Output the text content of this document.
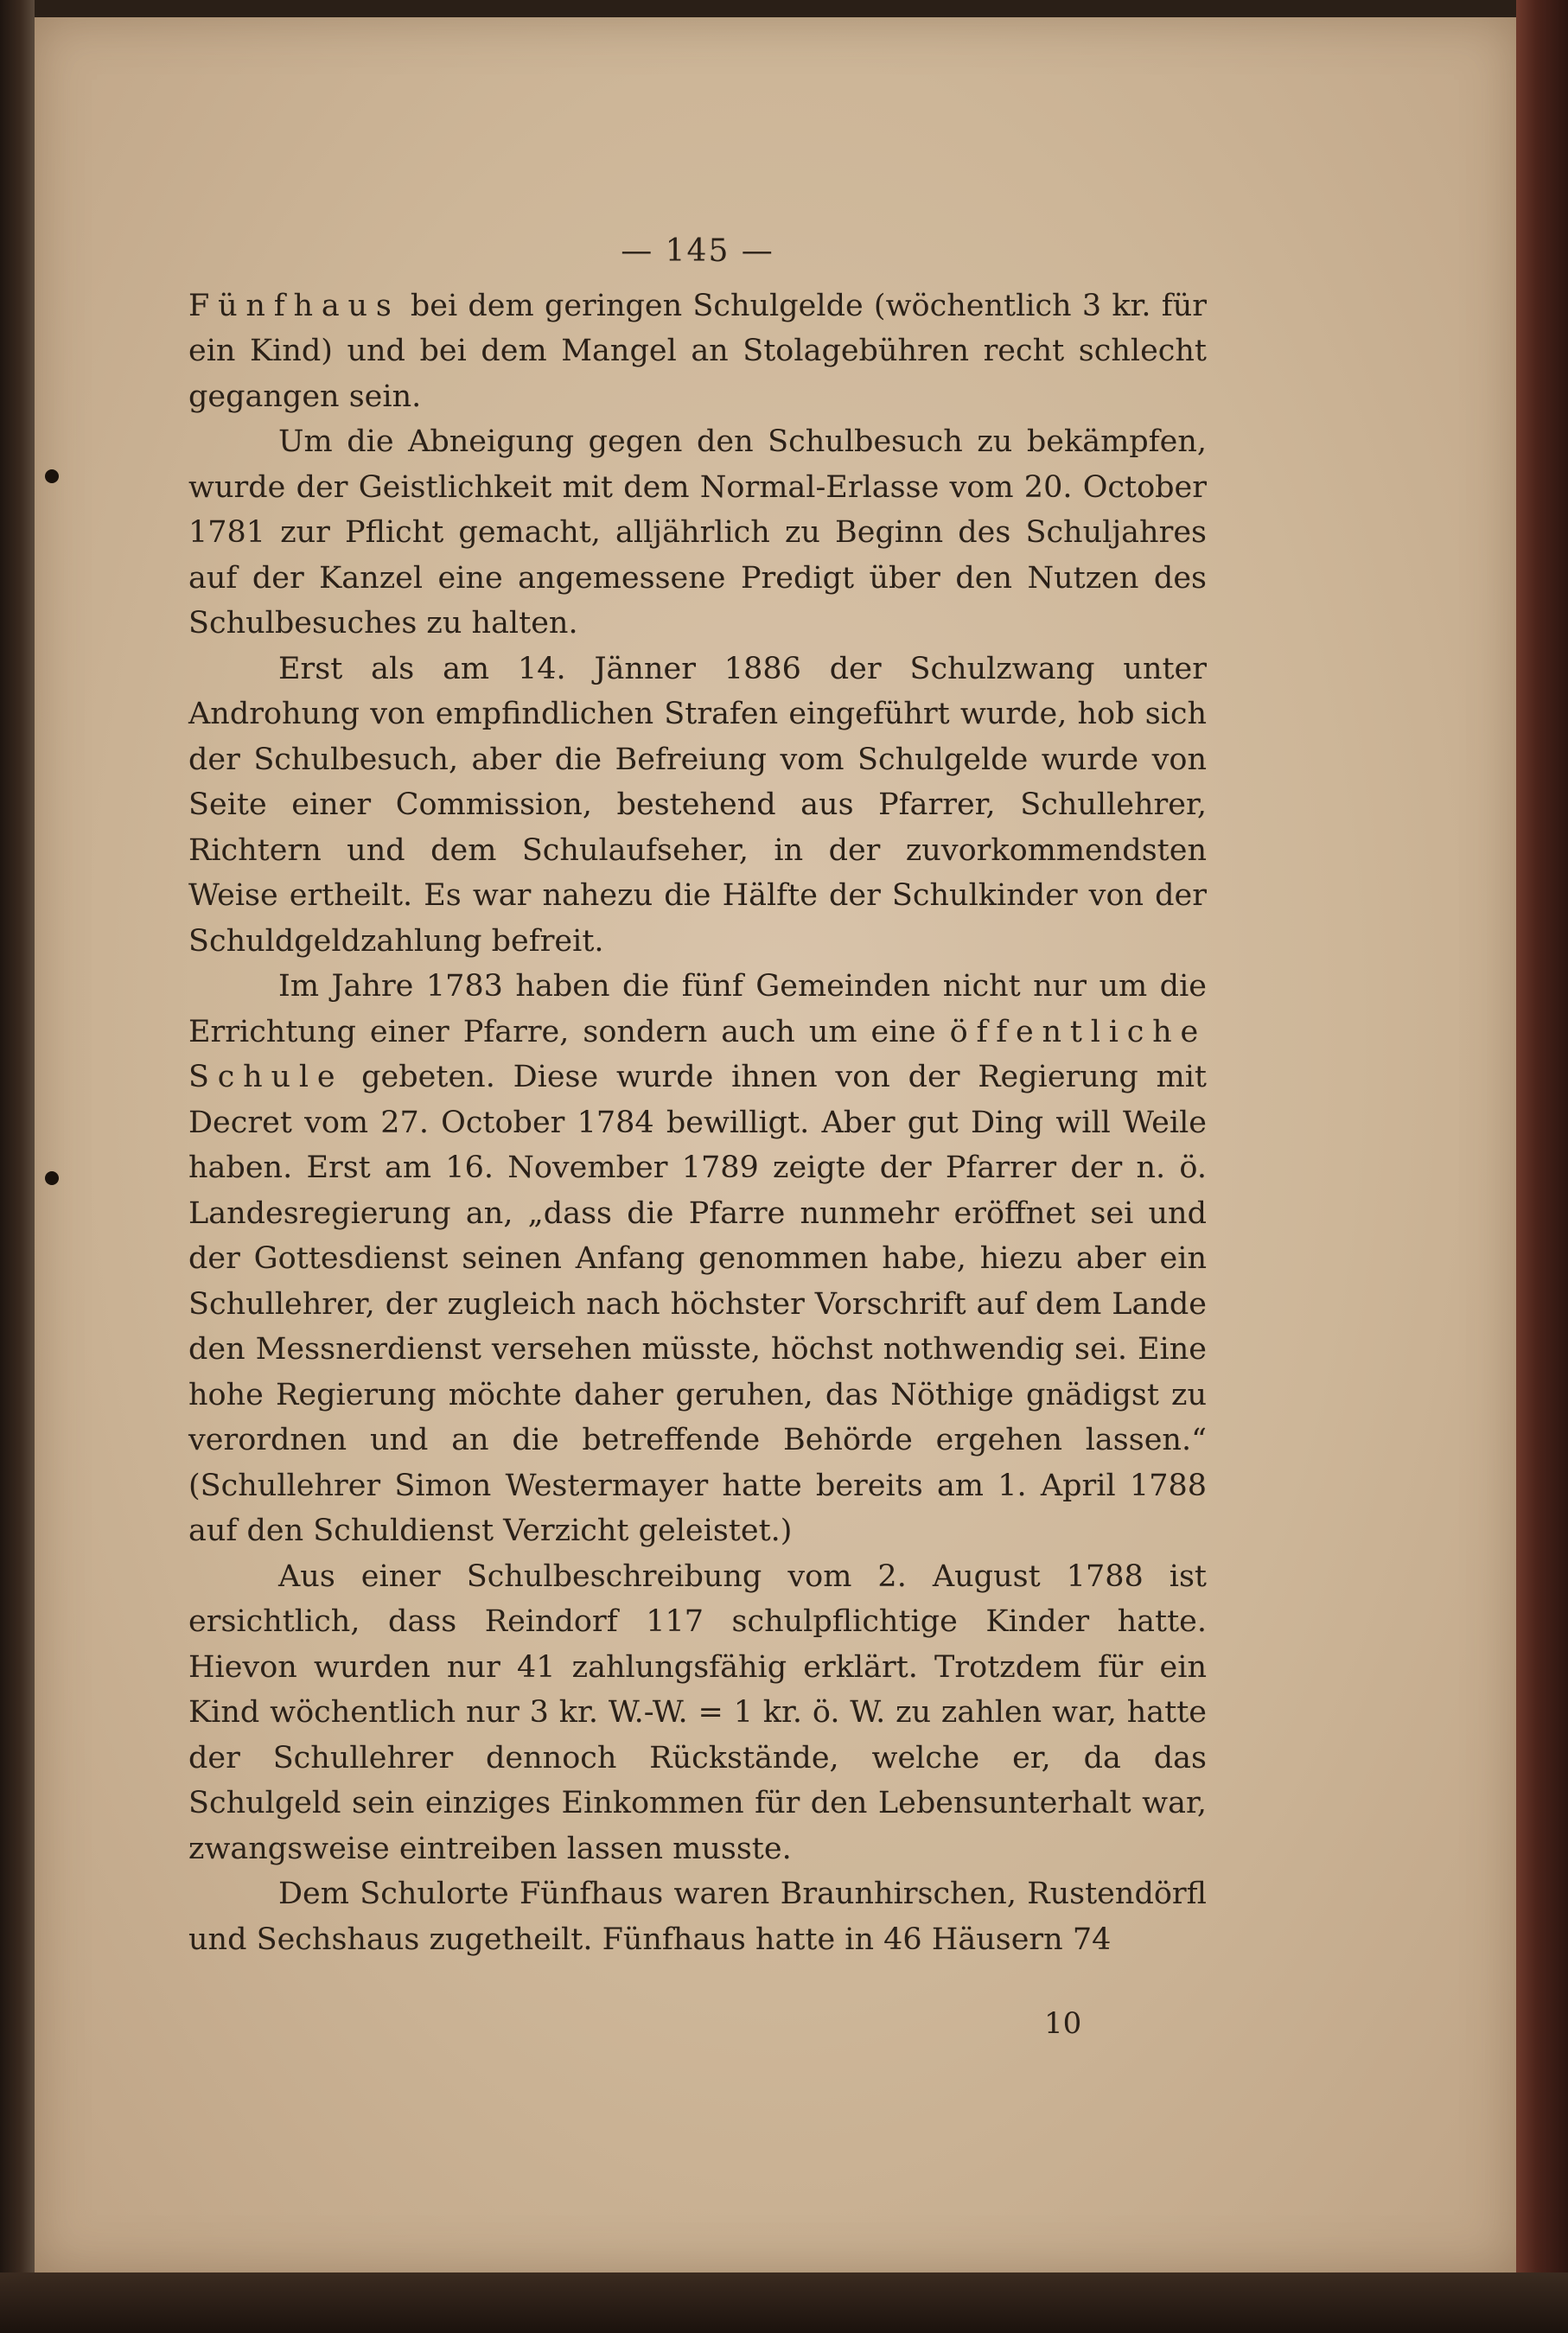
— 145 —

Fünfhaus bei dem geringen Schulgelde (wöchentlich 3 kr. für ein Kind) und bei dem Mangel an Stolagebühren recht schlecht gegangen sein.

Um die Abneigung gegen den Schulbesuch zu bekämpfen, wurde der Geistlichkeit mit dem Normal-Erlasse vom 20. October 1781 zur Pflicht gemacht, alljährlich zu Beginn des Schuljahres auf der Kanzel eine angemessene Predigt über den Nutzen des Schulbesuches zu halten.

Erst als am 14. Jänner 1886 der Schulzwang unter Androhung von empfindlichen Strafen eingeführt wurde, hob sich der Schulbesuch, aber die Befreiung vom Schulgelde wurde von Seite einer Commission, bestehend aus Pfarrer, Schullehrer, Richtern und dem Schulaufseher, in der zuvorkommendsten Weise ertheilt. Es war nahezu die Hälfte der Schulkinder von der Schuldgeldzahlung befreit.

Im Jahre 1783 haben die fünf Gemeinden nicht nur um die Errichtung einer Pfarre, sondern auch um eine öffentliche Schule gebeten. Diese wurde ihnen von der Regierung mit Decret vom 27. October 1784 bewilligt. Aber gut Ding will Weile haben. Erst am 16. November 1789 zeigte der Pfarrer der n. ö. Landesregierung an, „dass die Pfarre nunmehr eröffnet sei und der Gottesdienst seinen Anfang genommen habe, hiezu aber ein Schullehrer, der zugleich nach höchster Vorschrift auf dem Lande den Messnerdienst versehen müsste, höchst nothwendig sei. Eine hohe Regierung möchte daher geruhen, das Nöthige gnädigst zu verordnen und an die betreffende Behörde ergehen lassen.“ (Schullehrer Simon Westermayer hatte bereits am 1. April 1788 auf den Schuldienst Verzicht geleistet.)

Aus einer Schulbeschreibung vom 2. August 1788 ist ersichtlich, dass Reindorf 117 schulpflichtige Kinder hatte. Hievon wurden nur 41 zahlungsfähig erklärt. Trotzdem für ein Kind wöchentlich nur 3 kr. W.-W. = 1 kr. ö. W. zu zahlen war, hatte der Schullehrer dennoch Rückstände, welche er, da das Schulgeld sein einziges Einkommen für den Lebensunterhalt war, zwangsweise eintreiben lassen musste.

Dem Schulorte Fünfhaus waren Braunhirschen, Rustendörfl und Sechshaus zugetheilt. Fünfhaus hatte in 46 Häusern 74

10
